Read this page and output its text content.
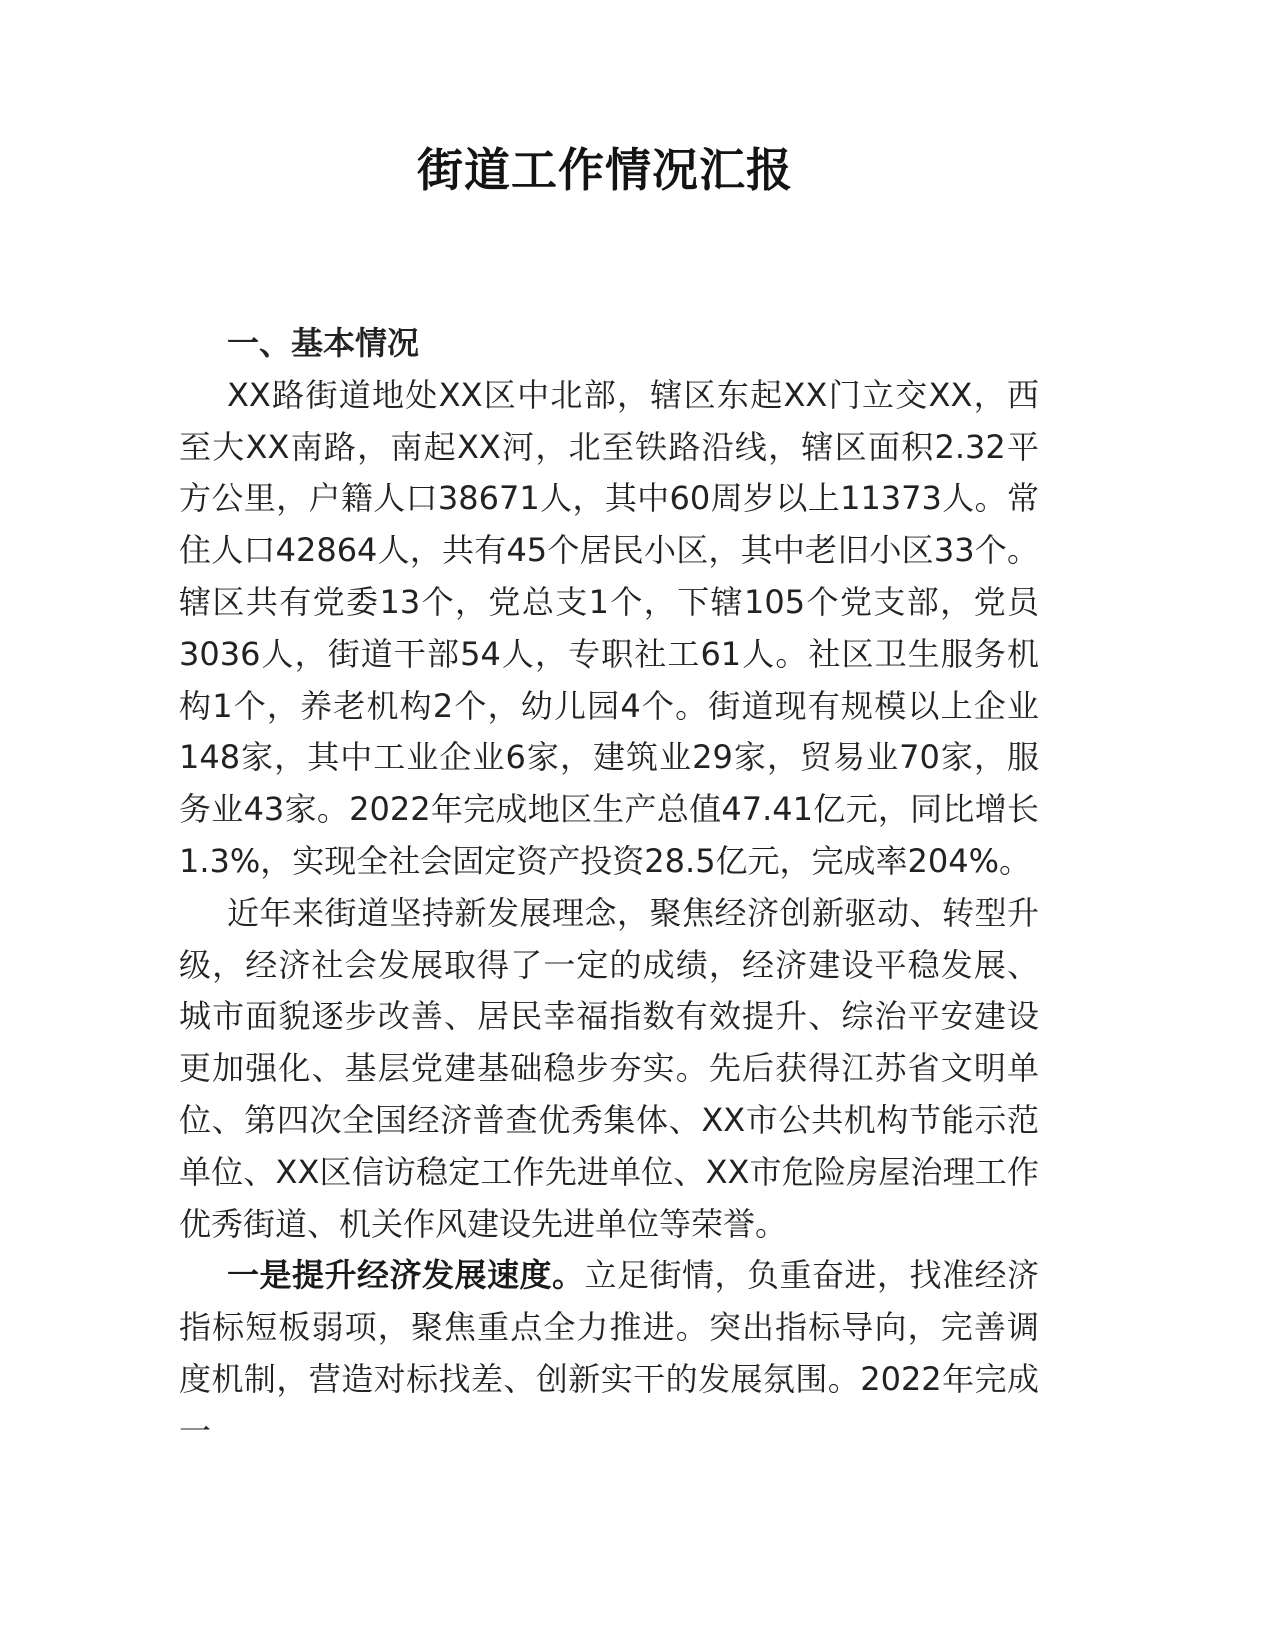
街道工作情况汇报

一、基本情况

XX路街道地处XX区中北部，辖区东起XX门立交XX，西至大XX南路，南起XX河，北至铁路沿线，辖区面积2.32平方公里，户籍人口38671人，其中60周岁以上11373人。常住人口42864人，共有45个居民小区，其中老旧小区33个。辖区共有党委13个，党总支1个，下辖105个党支部，党员3036人，街道干部54人，专职社工61人。社区卫生服务机构1个，养老机构2个，幼儿园4个。街道现有规模以上企业148家，其中工业企业6家，建筑业29家，贸易业70家，服务业43家。2022年完成地区生产总值47.41亿元，同比增长1.3%，实现全社会固定资产投资28.5亿元，完成率204%。

近年来街道坚持新发展理念，聚焦经济创新驱动、转型升级，经济社会发展取得了一定的成绩，经济建设平稳发展、城市面貌逐步改善、居民幸福指数有效提升、综治平安建设更加强化、基层党建基础稳步夯实。先后获得江苏省文明单位、第四次全国经济普查优秀集体、XX市公共机构节能示范单位、XX区信访稳定工作先进单位、XX市危险房屋治理工作优秀街道、机关作风建设先进单位等荣誉。

一是提升经济发展速度。立足街情，负重奋进，找准经济指标短板弱项，聚焦重点全力推进。突出指标导向，完善调度机制，营造对标找差、创新实干的发展氛围。2022年完成一
